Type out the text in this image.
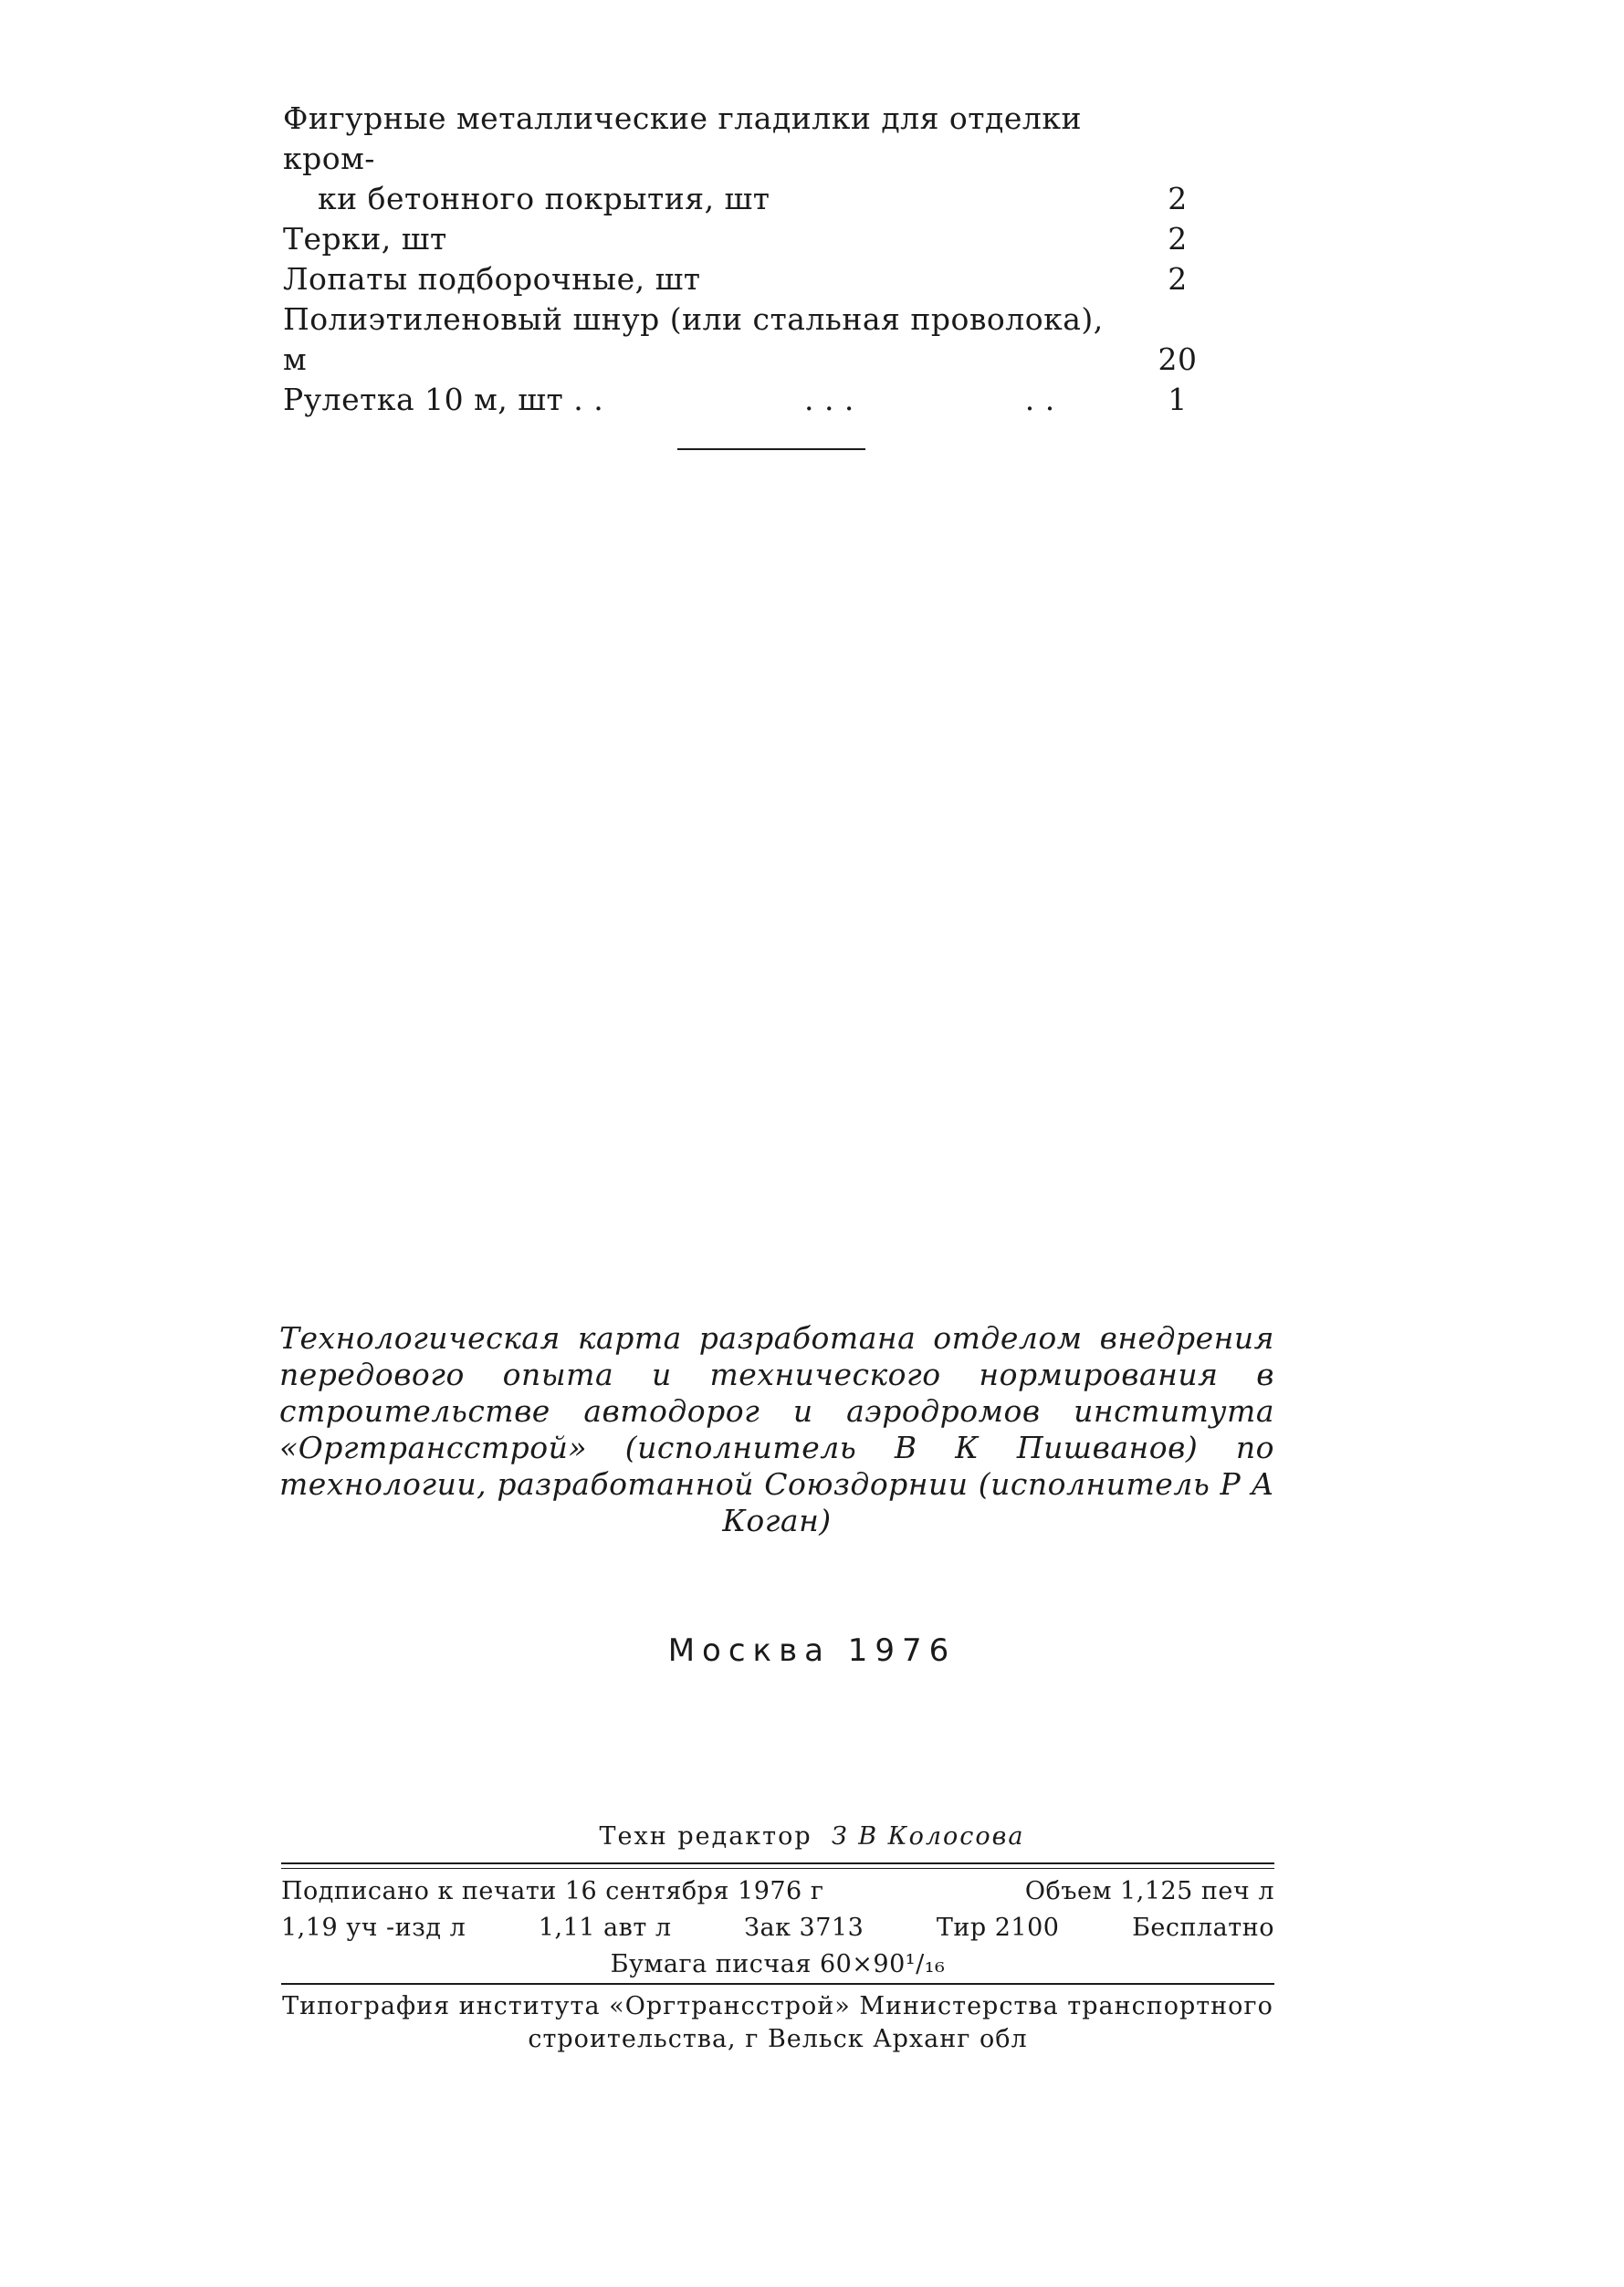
Фигурные металлические гладилки для отделки кром-
ки бетонного покрытия, шт	2
Терки, шт	2
Лопаты подборочные, шт	2
Полиэтиленовый шнур (или стальная проволока), м	20
Рулетка 10 м, шт . .                    . . .                 . .	1
Технологическая карта разработана отделом внедрения передового опыта и технического нормирования в строительстве автодорог и аэродромов института «Оргтрансстрой» (исполнитель В К Пишванов) по технологии, разработанной Союздорнии (исполнитель Р А Коган)
Москва 1976
Техн редактор З В Колосова
Подписано к печати 16 сентября 1976 г	Объем 1,125 печ л
1,19 уч -изд л	1,11 авт л	Зак 3713	Тир 2100	Бесплатно
Бумага писчая 60×90¹/₁₆
Типография института «Оргтрансстрой» Министерства транспортного
строительства, г Вельск Арханг обл
